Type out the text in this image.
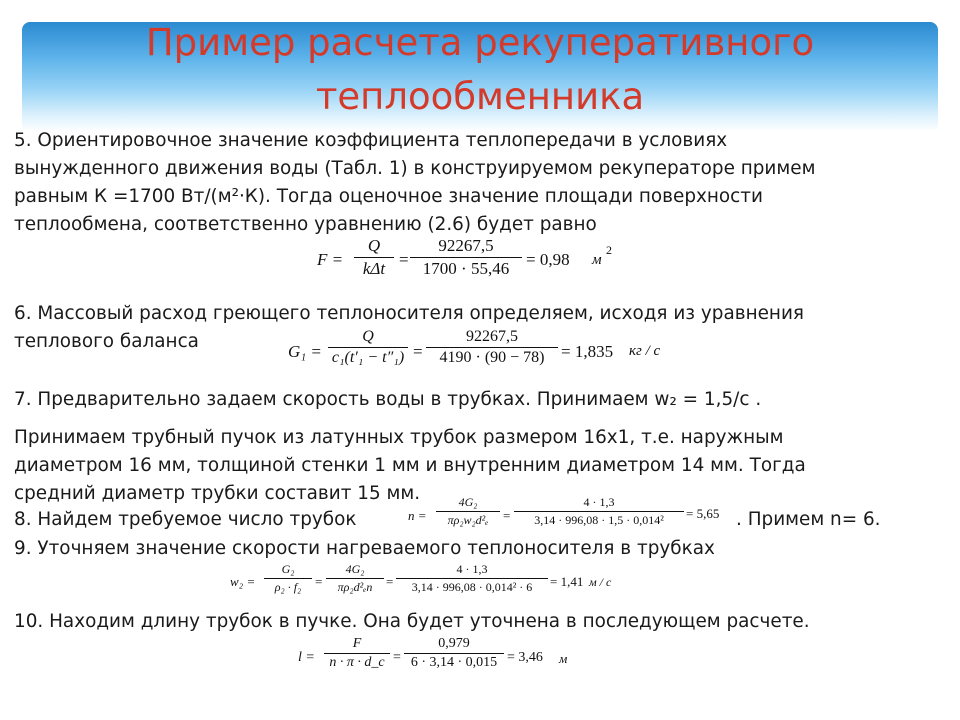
Пример расчета рекуперативного
теплообменника
5. Ориентировочное значение коэффициента теплопередачи в условиях
вынужденного движения воды (Табл. 1) в конструируемом рекуператоре примем
равным К =1700 Вт/(м²·К). Тогда оценочное значение площади поверхности
теплообмена, соответственно уравнению (2.6) будет равно
F =
Q
kΔt =
92267,5
1700 · 55,46 = 0,98 м
2
6. Массовый расход греющего теплоносителя определяем, исходя из уравнения
теплового баланса	G₁ =
Q
c₁(t′₁ − t″₁) =
92267,5
4190 · (90 − 78) = 1,835 кг / с
7. Предварительно задаем скорость воды в трубках. Принимаем w₂ = 1,5/с .
Принимаем трубный пучок из латунных трубок размером 16х1, т.е. наружным
диаметром 16 мм, толщиной стенки 1 мм и внутренним диаметром 14 мм. Тогда
средний диаметр трубки составит 15 мм.
8. Найдем требуемое число трубок	n =
4G₂
πρ₂w₂d²ₑ	=
4 · 1,3
3,14 · 996,08 · 1,5 · 0,014²	= 5,65 . Примем n= 6.
9. Уточняем значение скорости нагреваемого теплоносителя в трубках
w₂ =
G₂
ρ₂ · f₂	=
4G₂
πρ₂d²ₑn	=
4 · 1,3
3,14 · 996,08 · 0,014² · 6	= 1,41 м / с
10. Находим длину трубок в пучке. Она будет уточнена в последующем расчете.
l =
F
n · π · d_c =
0,979
6 · 3,14 · 0,015 = 3,46 м
